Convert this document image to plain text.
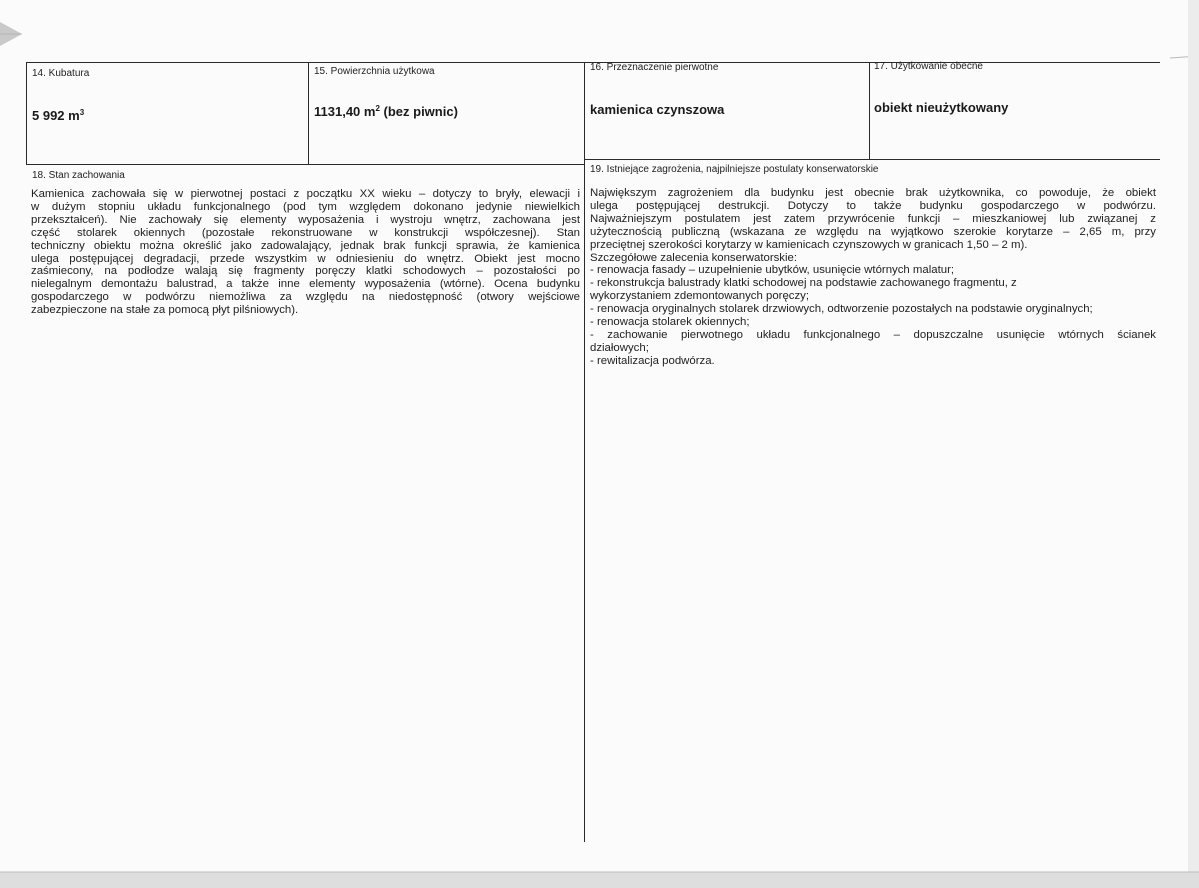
14. Kubatura
5 992 $m^3$
15. Powierzchnia użytkowa
1131,40 $m^2$ (bez piwnic)
16. Przeznaczenie pierwotne
kamienica czynszowa
17. Użytkowanie obecne
obiekt nieużytkowany
18. Stan zachowania
Kamienica zachowała się w pierwotnej postaci z początku XX wieku – dotyczy to bryły, elewacji i
w dużym stopniu układu funkcjonalnego (pod tym względem dokonano jedynie niewielkich
przekształceń). Nie zachowały się elementy wyposażenia i wystroju wnętrz, zachowana jest
część stolarek okiennych (pozostałe rekonstruowane w konstrukcji współczesnej). Stan
techniczny obiektu można określić jako zadowalający, jednak brak funkcji sprawia, że kamienica
ulega postępującej degradacji, przede wszystkim w odniesieniu do wnętrz. Obiekt jest mocno
zaśmiecony, na podłodze walają się fragmenty poręczy klatki schodowych – pozostałości po
nielegalnym demontażu balustrad, a także inne elementy wyposażenia (wtórne). Ocena budynku
gospodarczego w podwórzu niemożliwa za względu na niedostępność (otwory wejściowe
zabezpieczone na stałe za pomocą płyt pilśniowych).
19. Istniejące zagrożenia, najpilniejsze postulaty konserwatorskie
Największym zagrożeniem dla budynku jest obecnie brak użytkownika, co powoduje, że obiekt
ulega postępującej destrukcji. Dotyczy to także budynku gospodarczego w podwórzu.
Najważniejszym postulatem jest zatem przywrócenie funkcji – mieszkaniowej lub związanej z
użytecznością publiczną (wskazana ze względu na wyjątkowo szerokie korytarze – 2,65 m, przy
przeciętnej szerokości korytarzy w kamienicach czynszowych w granicach 1,50 – 2 m).
Szczegółowe zalecenia konserwatorskie:
- renowacja fasady – uzupełnienie ubytków, usunięcie wtórnych malatur;
- rekonstrukcja balustrady klatki schodowej na podstawie zachowanego fragmentu, z
wykorzystaniem zdemontowanych poręczy;
- renowacja oryginalnych stolarek drzwiowych, odtworzenie pozostałych na podstawie oryginalnych;
- renowacja stolarek okiennych;
- zachowanie pierwotnego układu funkcjonalnego – dopuszczalne usunięcie wtórnych ścianek
działowych;
- rewitalizacja podwórza.
